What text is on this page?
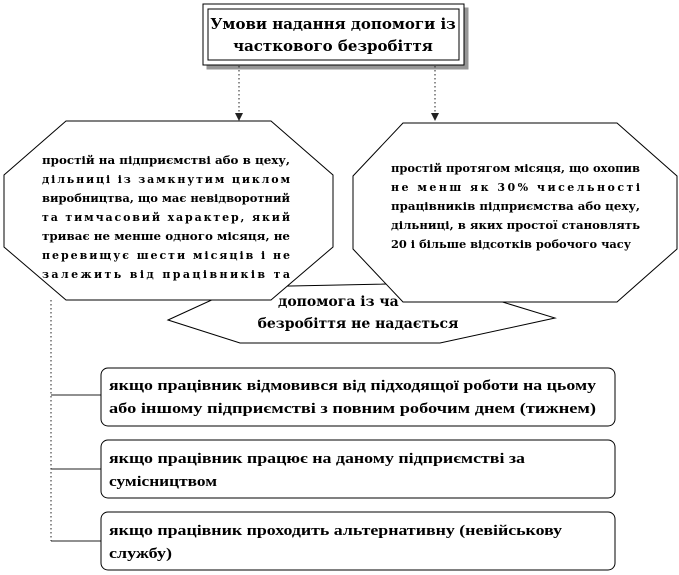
Умови надання допомоги із
часткового безробіття
допомога із ча
безробіття не надається
простій на підприємстві або в цеху,
дільниці із замкнутим циклом
виробництва, що має невідворотний
та тимчасовий характер, який
триває не менше одного місяця, не
перевищує шести місяців і не
залежить від працівників та
простій протягом місяця, що охопив
не менш як 30% чисельності
працівників підприємства або цеху,
дільниці, в яких простої становлять
20 і більше відсотків робочого часу
якщо працівник відмовився від підходящої роботи на цьому
або іншому підприємстві з повним робочим днем (тижнем)
якщо працівник працює на даному підприємстві за
сумісництвом
якщо працівник проходить альтернативну (невійськову
службу)
